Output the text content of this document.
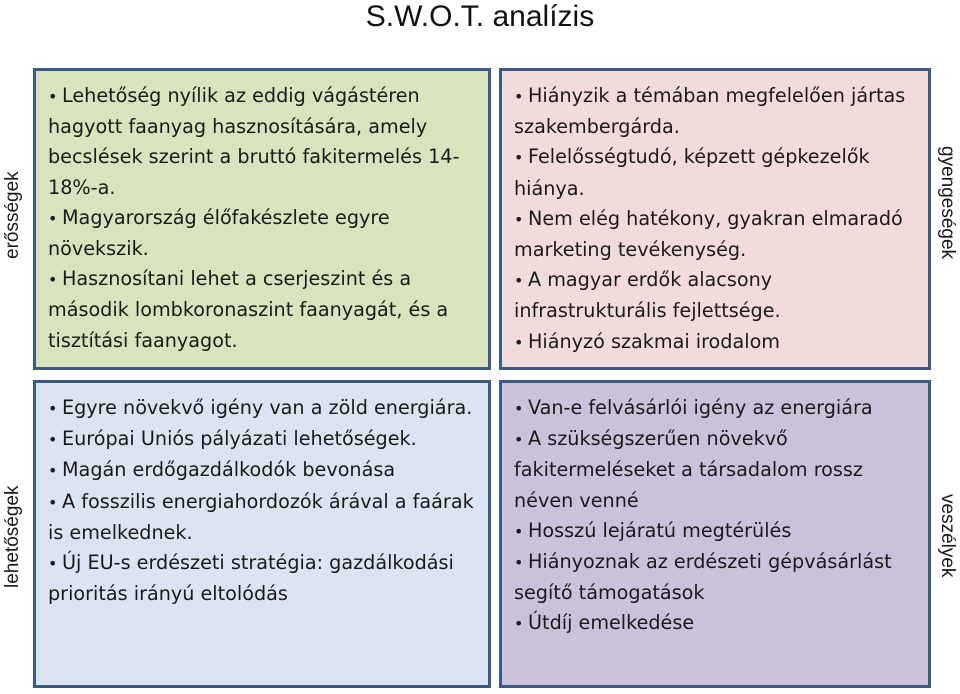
S.W.O.T. analízis
erősségek
lehetőségek
gyengeségek
veszélyek
• Lehetőség nyílik az eddig vágástéren hagyott faanyag hasznosítására, amely becslések szerint a bruttó fakitermelés 14-18%-a.
• Magyarország élőfakészlete egyre növekszik.
• Hasznosítani lehet a cserjeszint és a második lombkoronaszint faanyagát, és a tisztítási faanyagot.
• Hiányzik a témában megfelelően jártas szakembergárda.
• Felelősségtudó, képzett gépkezelők hiánya.
• Nem elég hatékony, gyakran elmaradó marketing tevékenység.
• A magyar erdők alacsony infrastrukturális fejlettsége.
• Hiányzó szakmai irodalom
• Egyre növekvő igény van a zöld energiára.
• Európai Uniós pályázati lehetőségek.
• Magán erdőgazdálkodók bevonása
• A fosszilis energiahordozók árával a faárak is emelkednek.
• Új EU-s erdészeti stratégia: gazdálkodási prioritás irányú eltolódás
• Van-e felvásárlói igény az energiára
• A szükségszerűen növekvő fakitermeléseket a társadalom rossz néven venné
• Hosszú lejáratú megtérülés
• Hiányoznak az erdészeti gépvásárlást segítő támogatások
• Útdíj emelkedése
